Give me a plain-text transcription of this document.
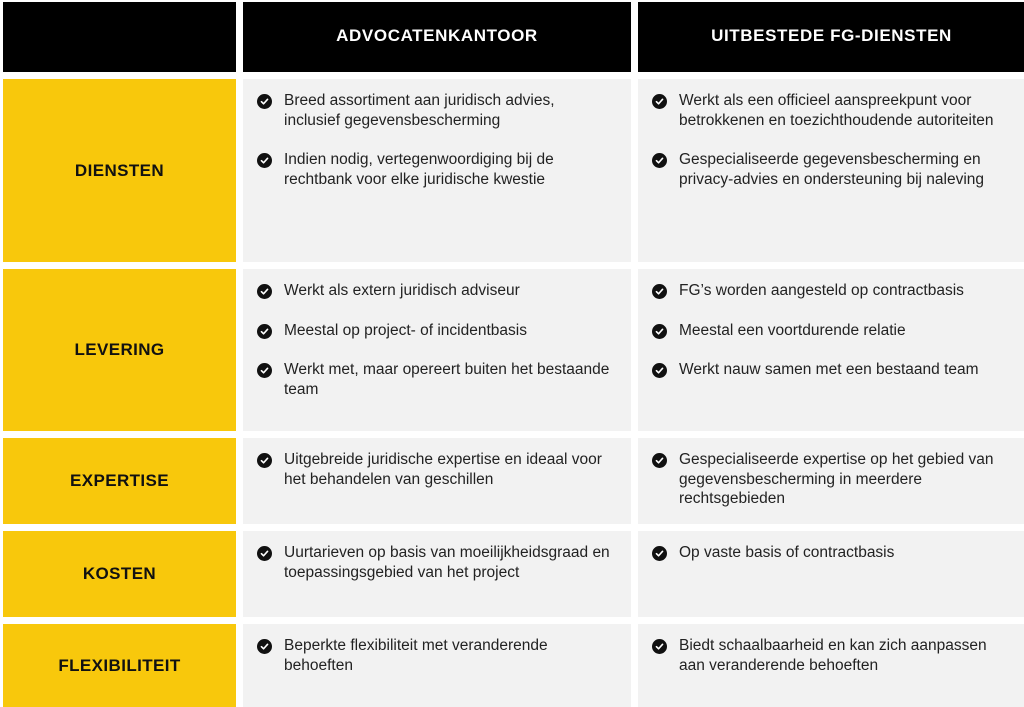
ADVOCATENKANTOOR	UITBESTEDE FG-DIENSTEN
DIENSTEN
Breed assortiment aan juridisch advies, inclusief gegevensbescherming
Indien nodig, vertegenwoordiging bij de rechtbank voor elke juridische kwestie
Werkt als een officieel aanspreekpunt voor betrokkenen en toezichthoudende autoriteiten
Gespecialiseerde gegevensbescherming en privacy-advies en ondersteuning bij naleving
LEVERING
Werkt als extern juridisch adviseur
Meestal op project- of incidentbasis
Werkt met, maar opereert buiten het bestaande team
FG’s worden aangesteld op contractbasis
Meestal een voortdurende relatie
Werkt nauw samen met een bestaand team
EXPERTISE
Uitgebreide juridische expertise en ideaal voor het behandelen van geschillen
Gespecialiseerde expertise op het gebied van gegevensbescherming in meerdere rechtsgebieden
KOSTEN
Uurtarieven op basis van moeilijkheidsgraad en toepassingsgebied van het project
Op vaste basis of contractbasis
FLEXIBILITEIT
Beperkte flexibiliteit met veranderende behoeften
Biedt schaalbaarheid en kan zich aanpassen aan veranderende behoeften
